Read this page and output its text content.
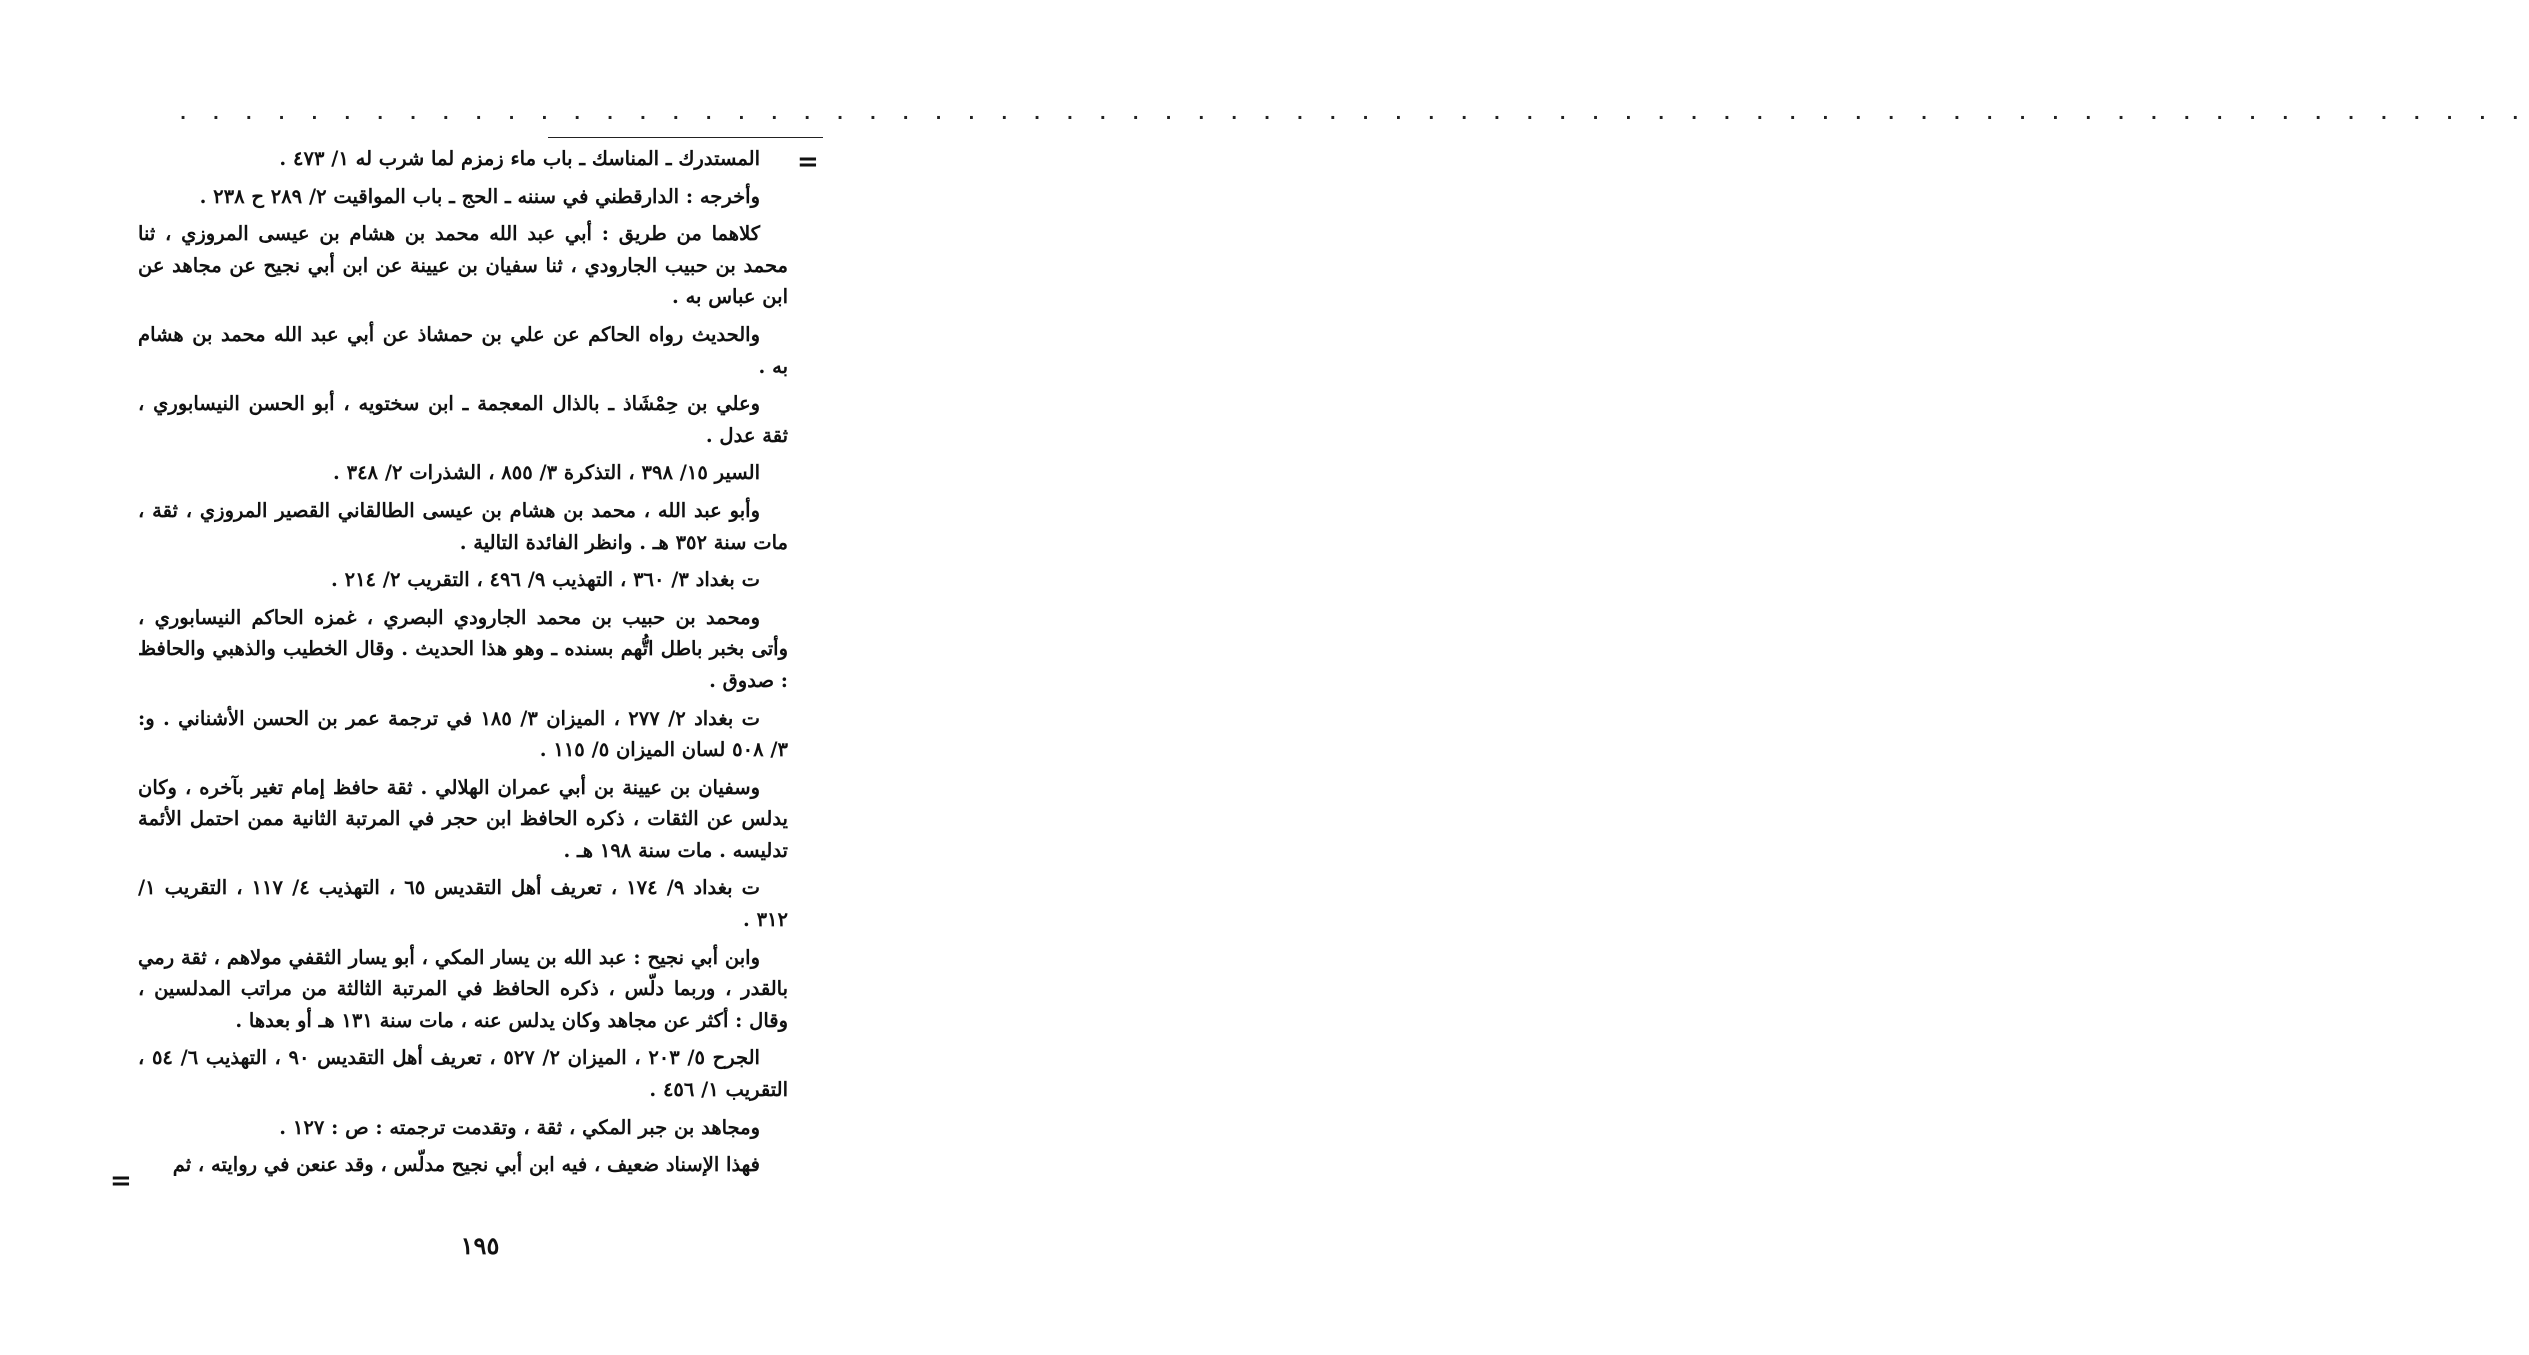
. . . . . . . . . . . . . . . . . . . . . . . . . . . . . . . . . . . . . . . . . . . . . . . . . . . . . . . . . . . . . . . . . . . . . . . .
=

المستدرك ـ المناسك ـ باب ماء زمزم لما شرب له ١/ ٤٧٣ .

وأخرجه : الدارقطني في سننه ـ الحج ـ باب المواقيت ٢/ ٢٨٩ ح ٢٣٨ .

كلاهما من طريق : أبي عبد الله محمد بن هشام بن عيسى المروزي ، ثنا محمد بن حبيب الجارودي ، ثنا سفيان بن عيينة عن ابن أبي نجيح عن مجاهد عن ابن عباس به .

والحديث رواه الحاكم عن علي بن حمشاذ عن أبي عبد الله محمد بن هشام به .

وعلي بن حِمْشَاذ ـ بالذال المعجمة ـ ابن سختويه ، أبو الحسن النيسابوري ، ثقة عدل .

السير ١٥/ ٣٩٨ ، التذكرة ٣/ ٨٥٥ ، الشذرات ٢/ ٣٤٨ .

وأبو عبد الله ، محمد بن هشام بن عيسى الطالقاني القصير المروزي ، ثقة ، مات سنة ٣٥٢ هـ . وانظر الفائدة التالية .

ت بغداد ٣/ ٣٦٠ ، التهذيب ٩/ ٤٩٦ ، التقريب ٢/ ٢١٤ .

ومحمد بن حبيب بن محمد الجارودي البصري ، غمزه الحاكم النيسابوري ، وأتى بخبر باطل اتُّهم بسنده ـ وهو هذا الحديث . وقال الخطيب والذهبي والحافظ : صدوق .

ت بغداد ٢/ ٢٧٧ ، الميزان ٣/ ١٨٥ في ترجمة عمر بن الحسن الأشناني . و: ٣/ ٥٠٨ لسان الميزان ٥/ ١١٥ .

وسفيان بن عيينة بن أبي عمران الهلالي . ثقة حافظ إمام تغير بآخره ، وكان يدلس عن الثقات ، ذكره الحافظ ابن حجر في المرتبة الثانية ممن احتمل الأئمة تدليسه . مات سنة ١٩٨ هـ .

ت بغداد ٩/ ١٧٤ ، تعريف أهل التقديس ٦٥ ، التهذيب ٤/ ١١٧ ، التقريب ١/ ٣١٢ .

وابن أبي نجيح : عبد الله بن يسار المكي ، أبو يسار الثقفي مولاهم ، ثقة رمي بالقدر ، وربما دلّس ، ذكره الحافظ في المرتبة الثالثة من مراتب المدلسين ، وقال : أكثر عن مجاهد وكان يدلس عنه ، مات سنة ١٣١ هـ أو بعدها .

الجرح ٥/ ٢٠٣ ، الميزان ٢/ ٥٢٧ ، تعريف أهل التقديس ٩٠ ، التهذيب ٦/ ٥٤ ، التقريب ١/ ٤٥٦ .

ومجاهد بن جبر المكي ، ثقة ، وتقدمت ترجمته : ص : ١٢٧ .

فهذا الإسناد ضعيف ، فيه ابن أبي نجيح مدلّس ، وقد عنعن في روايته ، ثم

=
١٩٥
